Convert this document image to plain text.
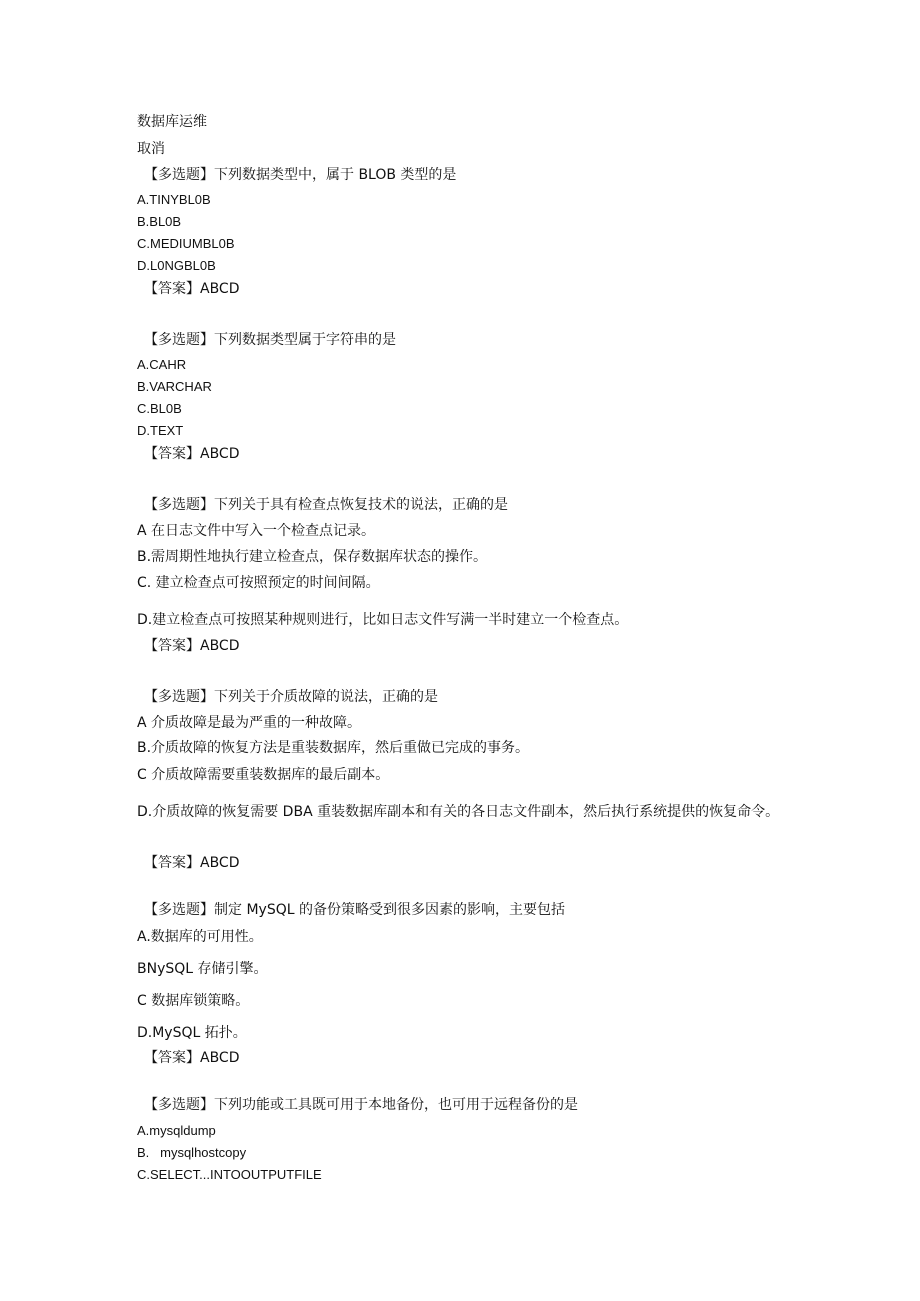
数据库运维
取消
【多选题】下列数据类型中，属于 BLOB 类型的是
A.TINYBL0B
B.BL0B
C.MEDIUMBL0B
D.L0NGBL0B
【答案】ABCD
【多选题】下列数据类型属于字符串的是
A.CAHR
B.VARCHAR
C.BL0B
D.TEXT
【答案】ABCD
【多选题】下列关于具有检查点恢复技术的说法，正确的是
A 在日志文件中写入一个检查点记录。
B.需周期性地执行建立检查点，保存数据库状态的操作。
C. 建立检查点可按照预定的时间间隔。
D.建立检查点可按照某种规则进行，比如日志文件写满一半时建立一个检查点。
【答案】ABCD
【多选题】下列关于介质故障的说法，正确的是
A 介质故障是最为严重的一种故障。
B.介质故障的恢复方法是重装数据库，然后重做已完成的事务。
C 介质故障需要重装数据库的最后副本。
D.介质故障的恢复需要 DBA 重装数据库副本和有关的各日志文件副本，然后执行系统提供的恢复命令。
【答案】ABCD
【多选题】制定 MySQL 的备份策略受到很多因素的影响，主要包括
A.数据库的可用性。
BNySQL 存储引擎。
C 数据库锁策略。
D.MySQL 拓扑。
【答案】ABCD
【多选题】下列功能或工具既可用于本地备份，也可用于远程备份的是
A.mysqldump
B.   mysqlhostcopy
C.SELECT...INTOOUTPUTFILE
